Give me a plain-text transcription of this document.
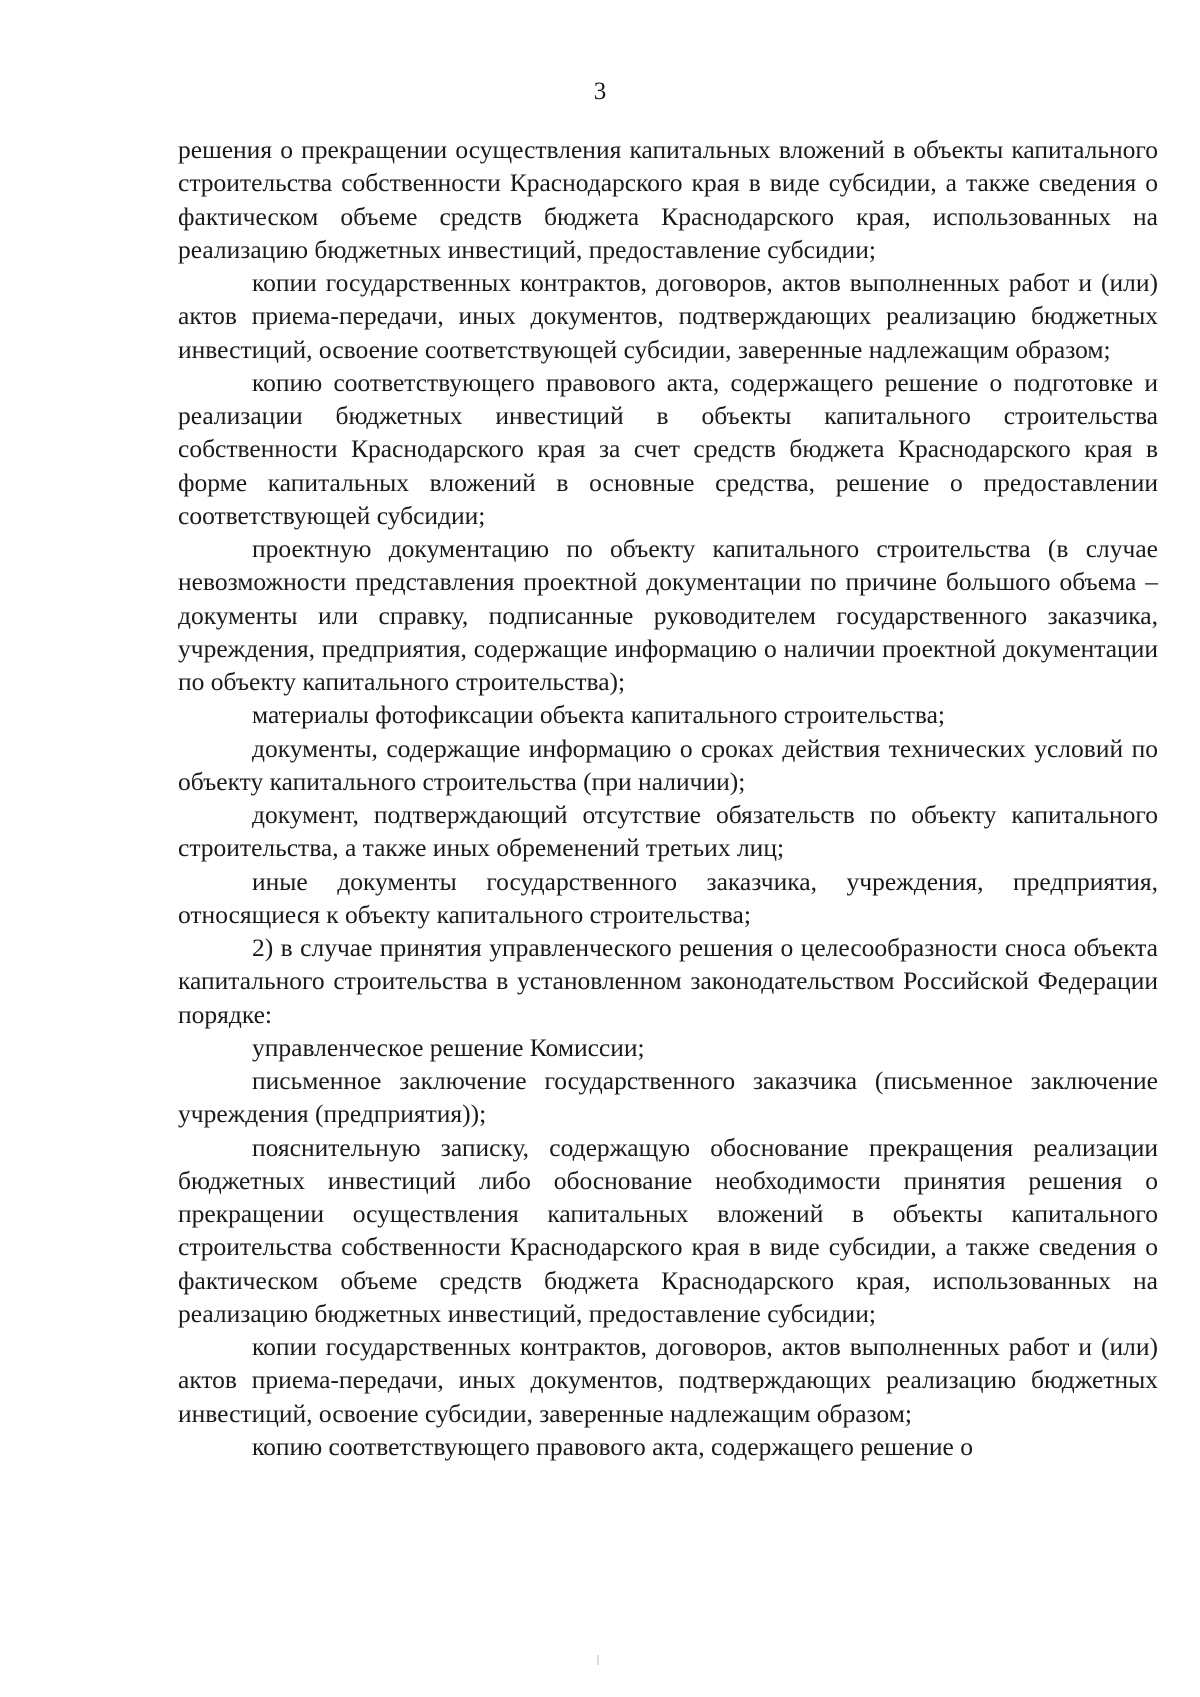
3

решения о прекращении осуществления капитальных вложений в объекты капитального строительства собственности Краснодарского края в виде субсидии, а также сведения о фактическом объеме средств бюджета Краснодарского края, использованных на реализацию бюджетных инвестиций, предоставление субсидии;

копии государственных контрактов, договоров, актов выполненных работ и (или) актов приема-передачи, иных документов, подтверждающих реализацию бюджетных инвестиций, освоение соответствующей субсидии, заверенные надлежащим образом;

копию соответствующего правового акта, содержащего решение о подготовке и реализации бюджетных инвестиций в объекты капитального строительства собственности Краснодарского края за счет средств бюджета Краснодарского края в форме капитальных вложений в основные средства, решение о предоставлении соответствующей субсидии;

проектную документацию по объекту капитального строительства (в случае невозможности представления проектной документации по причине большого объема – документы или справку, подписанные руководителем государственного заказчика, учреждения, предприятия, содержащие информацию о наличии проектной документации по объекту капитального строительства);

материалы фотофиксации объекта капитального строительства;

документы, содержащие информацию о сроках действия технических условий по объекту капитального строительства (при наличии);

документ, подтверждающий отсутствие обязательств по объекту капитального строительства, а также иных обременений третьих лиц;

иные документы государственного заказчика, учреждения, предприятия, относящиеся к объекту капитального строительства;

2) в случае принятия управленческого решения о целесообразности сноса объекта капитального строительства в установленном законодательством Российской Федерации порядке:

управленческое решение Комиссии;

письменное заключение государственного заказчика (письменное заключение учреждения (предприятия));

пояснительную записку, содержащую обоснование прекращения реализации бюджетных инвестиций либо обоснование необходимости принятия решения о прекращении осуществления капитальных вложений в объекты капитального строительства собственности Краснодарского края в виде субсидии, а также сведения о фактическом объеме средств бюджета Краснодарского края, использованных на реализацию бюджетных инвестиций, предоставление субсидии;

копии государственных контрактов, договоров, актов выполненных работ и (или) актов приема-передачи, иных документов, подтверждающих реализацию бюджетных инвестиций, освоение субсидии, заверенные надлежащим образом;

копию соответствующего правового акта, содержащего решение о
